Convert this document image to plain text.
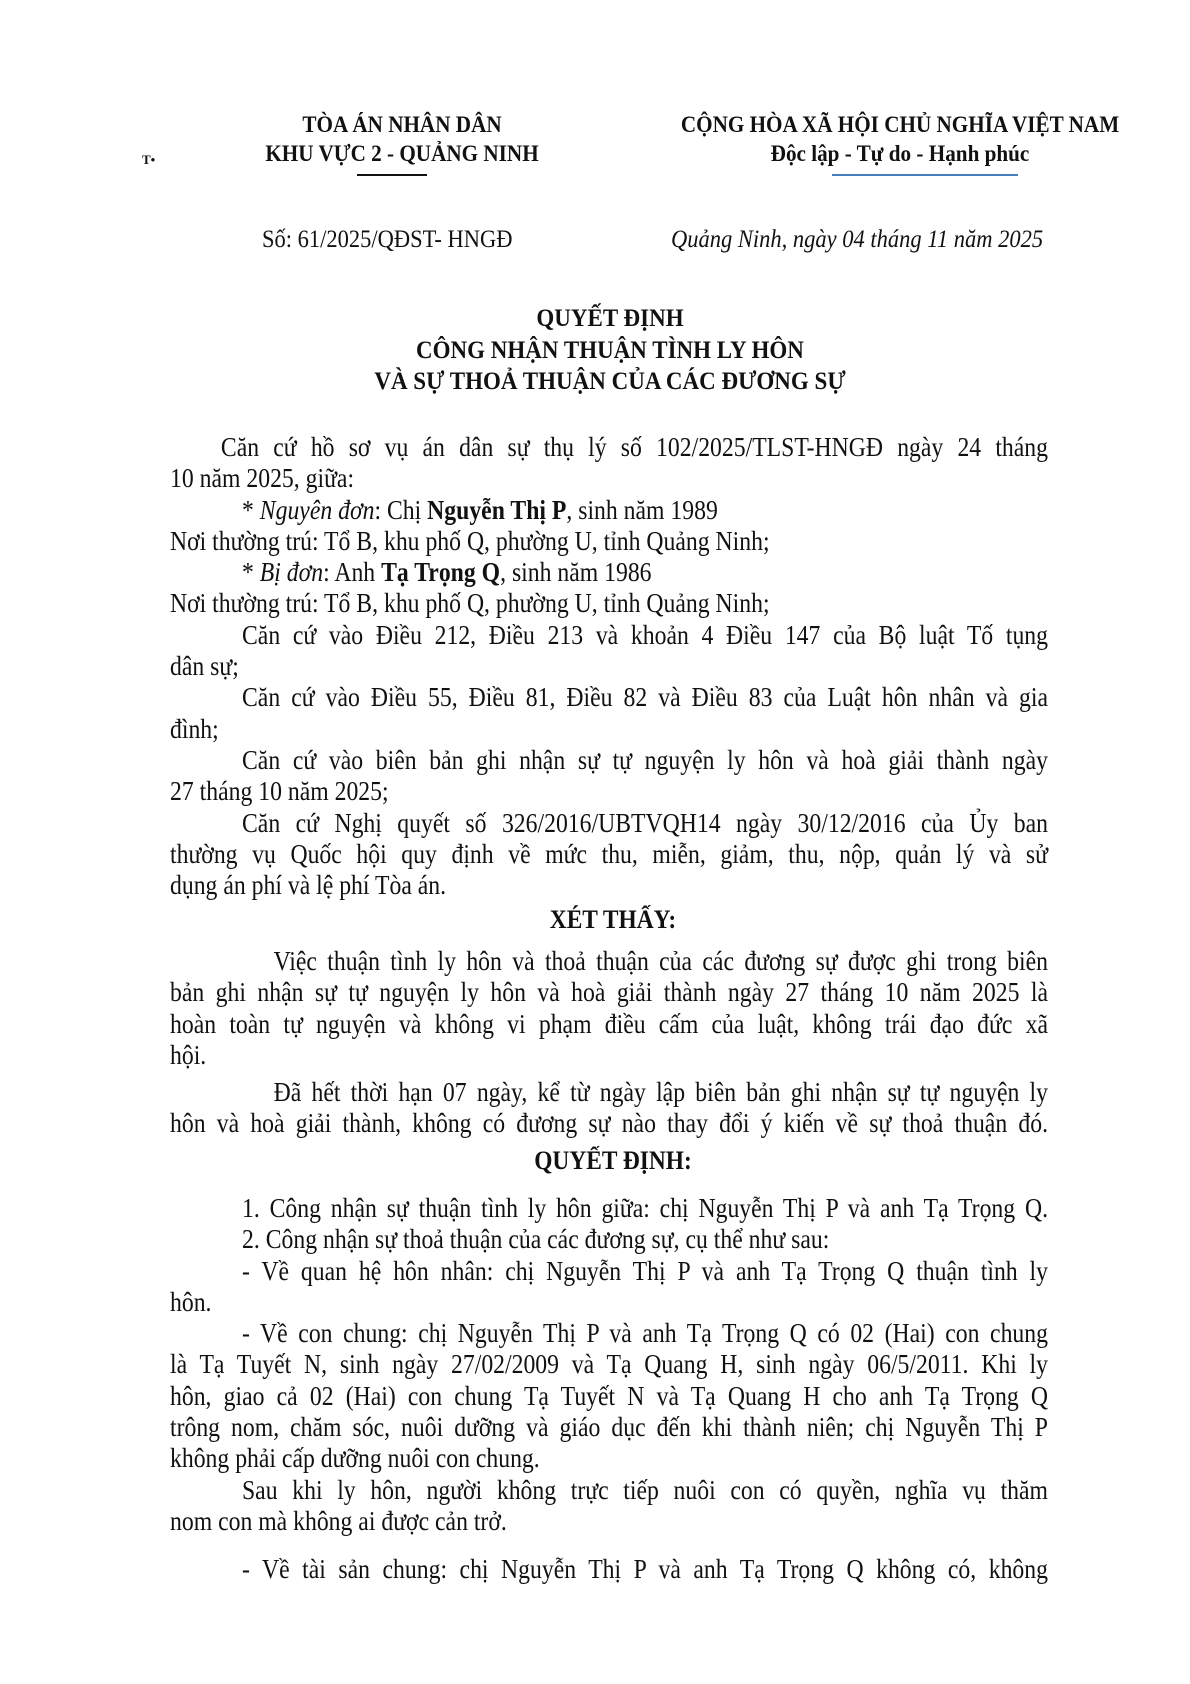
TÒA ÁN NHÂN DÂN
KHU VỰC 2 - QUẢNG NINH
T•
CỘNG HÒA XÃ HỘI CHỦ NGHĨA VIỆT NAM
Độc lập - Tự do - Hạnh phúc
Số: 61/2025/QĐST- HNGĐ	Quảng Ninh, ngày 04 tháng 11 năm 2025
QUYẾT ĐỊNH
CÔNG NHẬN THUẬN TÌNH LY HÔN
VÀ SỰ THOẢ THUẬN CỦA CÁC ĐƯƠNG SỰ
Căn cứ hồ sơ vụ án dân sự thụ lý số 102/2025/TLST-HNGĐ ngày 24 tháng
10 năm 2025, giữa:
* Nguyên đơn: Chị Nguyễn Thị P, sinh năm 1989
Nơi thường trú: Tổ B, khu phố Q, phường U, tỉnh Quảng Ninh;
* Bị đơn: Anh Tạ Trọng Q, sinh năm 1986
Nơi thường trú: Tổ B, khu phố Q, phường U, tỉnh Quảng Ninh;
Căn cứ vào Điều 212, Điều 213 và khoản 4 Điều 147 của Bộ luật Tố tụng
dân sự;
Căn cứ vào Điều 55, Điều 81, Điều 82 và Điều 83 của Luật hôn nhân và gia
đình;
Căn cứ vào biên bản ghi nhận sự tự nguyện ly hôn và hoà giải thành ngày
27 tháng 10 năm 2025;
Căn cứ Nghị quyết số 326/2016/UBTVQH14 ngày 30/12/2016 của Ủy ban
thường vụ Quốc hội quy định về mức thu, miễn, giảm, thu, nộp, quản lý và sử
dụng án phí và lệ phí Tòa án.
XÉT THẤY:
Việc thuận tình ly hôn và thoả thuận của các đương sự được ghi trong biên
bản ghi nhận sự tự nguyện ly hôn và hoà giải thành ngày 27 tháng 10 năm 2025 là
hoàn toàn tự nguyện và không vi phạm điều cấm của luật, không trái đạo đức xã
hội.
Đã hết thời hạn 07 ngày, kể từ ngày lập biên bản ghi nhận sự tự nguyện ly
hôn và hoà giải thành, không có đương sự nào thay đổi ý kiến về sự thoả thuận đó.
QUYẾT ĐỊNH:
1. Công nhận sự thuận tình ly hôn giữa: chị Nguyễn Thị P và anh Tạ Trọng Q.
2. Công nhận sự thoả thuận của các đương sự, cụ thể như sau:
- Về quan hệ hôn nhân: chị Nguyễn Thị P và anh Tạ Trọng Q thuận tình ly
hôn.
- Về con chung: chị Nguyễn Thị P và anh Tạ Trọng Q có 02 (Hai) con chung
là Tạ Tuyết N, sinh ngày 27/02/2009 và Tạ Quang H, sinh ngày 06/5/2011. Khi ly
hôn, giao cả 02 (Hai) con chung Tạ Tuyết N và Tạ Quang H cho anh Tạ Trọng Q
trông nom, chăm sóc, nuôi dưỡng và giáo dục đến khi thành niên; chị Nguyễn Thị P
không phải cấp dưỡng nuôi con chung.
Sau khi ly hôn, người không trực tiếp nuôi con có quyền, nghĩa vụ thăm
nom con mà không ai được cản trở.
- Về tài sản chung: chị Nguyễn Thị P và anh Tạ Trọng Q không có, không
